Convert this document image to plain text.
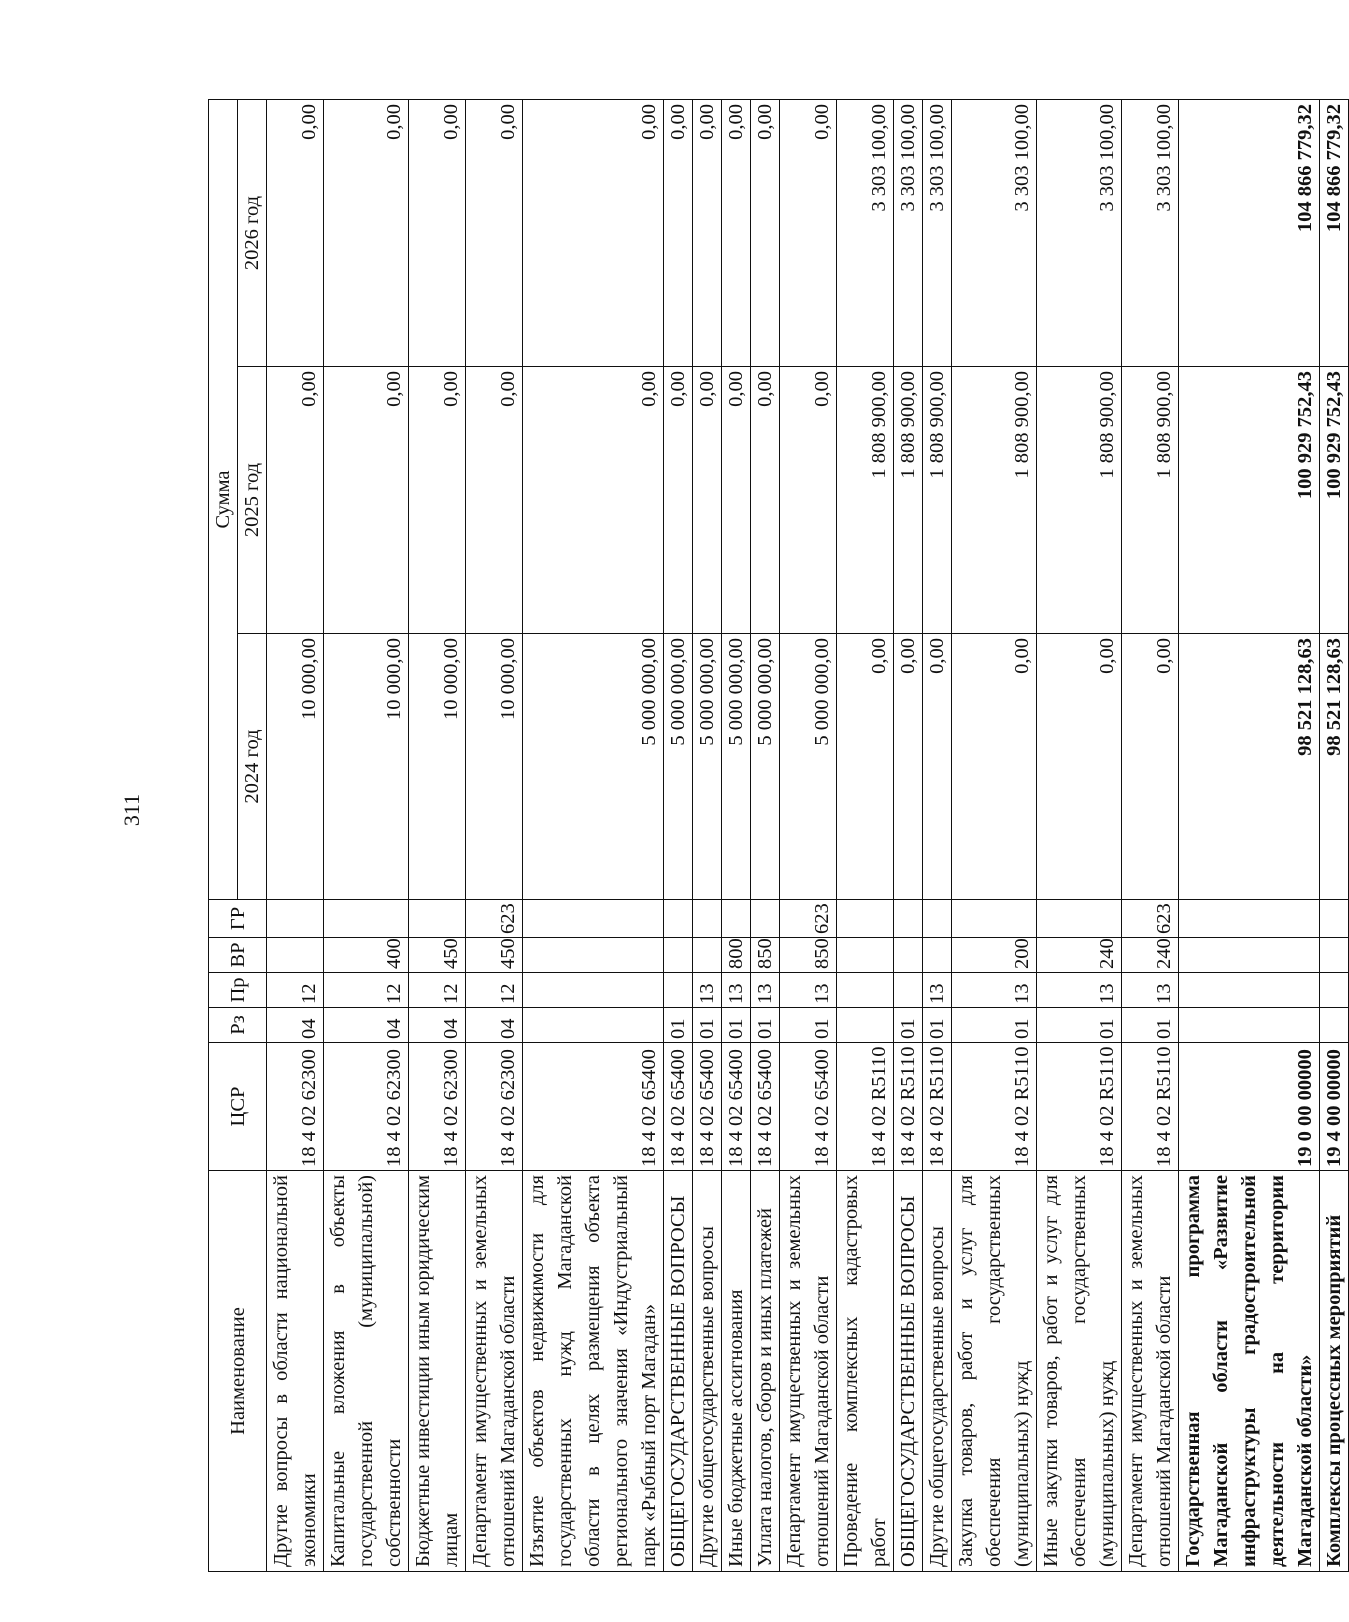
311
Наименование	ЦСР	Рз	Пр	ВР	ГР	Сумма		
						2024 год	2025 год	2026 год
Другие вопросы в области национальной экономики	18 4 02 62300	04	12			10 000,00	0,00	0,00
Капитальные вложения в объекты государственной (муниципальной) собственности	18 4 02 62300	04	12	400		10 000,00	0,00	0,00
Бюджетные инвестиции иным юридическим лицам	18 4 02 62300	04	12	450		10 000,00	0,00	0,00
Департамент имущественных и земельных отношений Магаданской области	18 4 02 62300	04	12	450	623	10 000,00	0,00	0,00
Изъятие объектов недвижимости для государственных нужд Магаданской области в целях размещения объекта регионального значения «Индустриальный парк «Рыбный порт Магадан»	18 4 02 65400					5 000 000,00	0,00	0,00
ОБЩЕГОСУДАРСТВЕННЫЕ ВОПРОСЫ	18 4 02 65400	01				5 000 000,00	0,00	0,00
Другие общегосударственные вопросы	18 4 02 65400	01	13			5 000 000,00	0,00	0,00
Иные бюджетные ассигнования	18 4 02 65400	01	13	800		5 000 000,00	0,00	0,00
Уплата налогов, сборов и иных платежей	18 4 02 65400	01	13	850		5 000 000,00	0,00	0,00
Департамент имущественных и земельных отношений Магаданской области	18 4 02 65400	01	13	850	623	5 000 000,00	0,00	0,00
Проведение комплексных кадастровых работ	18 4 02 R5110					0,00	1 808 900,00	3 303 100,00
ОБЩЕГОСУДАРСТВЕННЫЕ ВОПРОСЫ	18 4 02 R5110	01				0,00	1 808 900,00	3 303 100,00
Другие общегосударственные вопросы	18 4 02 R5110	01	13			0,00	1 808 900,00	3 303 100,00
Закупка товаров, работ и услуг для обеспечения государственных (муниципальных) нужд	18 4 02 R5110	01	13	200		0,00	1 808 900,00	3 303 100,00
Иные закупки товаров, работ и услуг для обеспечения государственных (муниципальных) нужд	18 4 02 R5110	01	13	240		0,00	1 808 900,00	3 303 100,00
Департамент имущественных и земельных отношений Магаданской области	18 4 02 R5110	01	13	240	623	0,00	1 808 900,00	3 303 100,00
Государственная программа Магаданской области «Развитие инфраструктуры градостроительной деятельности на территории Магаданской области»	19 0 00 00000					98 521 128,63	100 929 752,43	104 866 779,32
Комплексы процессных мероприятий	19 4 00 00000					98 521 128,63	100 929 752,43	104 866 779,32
